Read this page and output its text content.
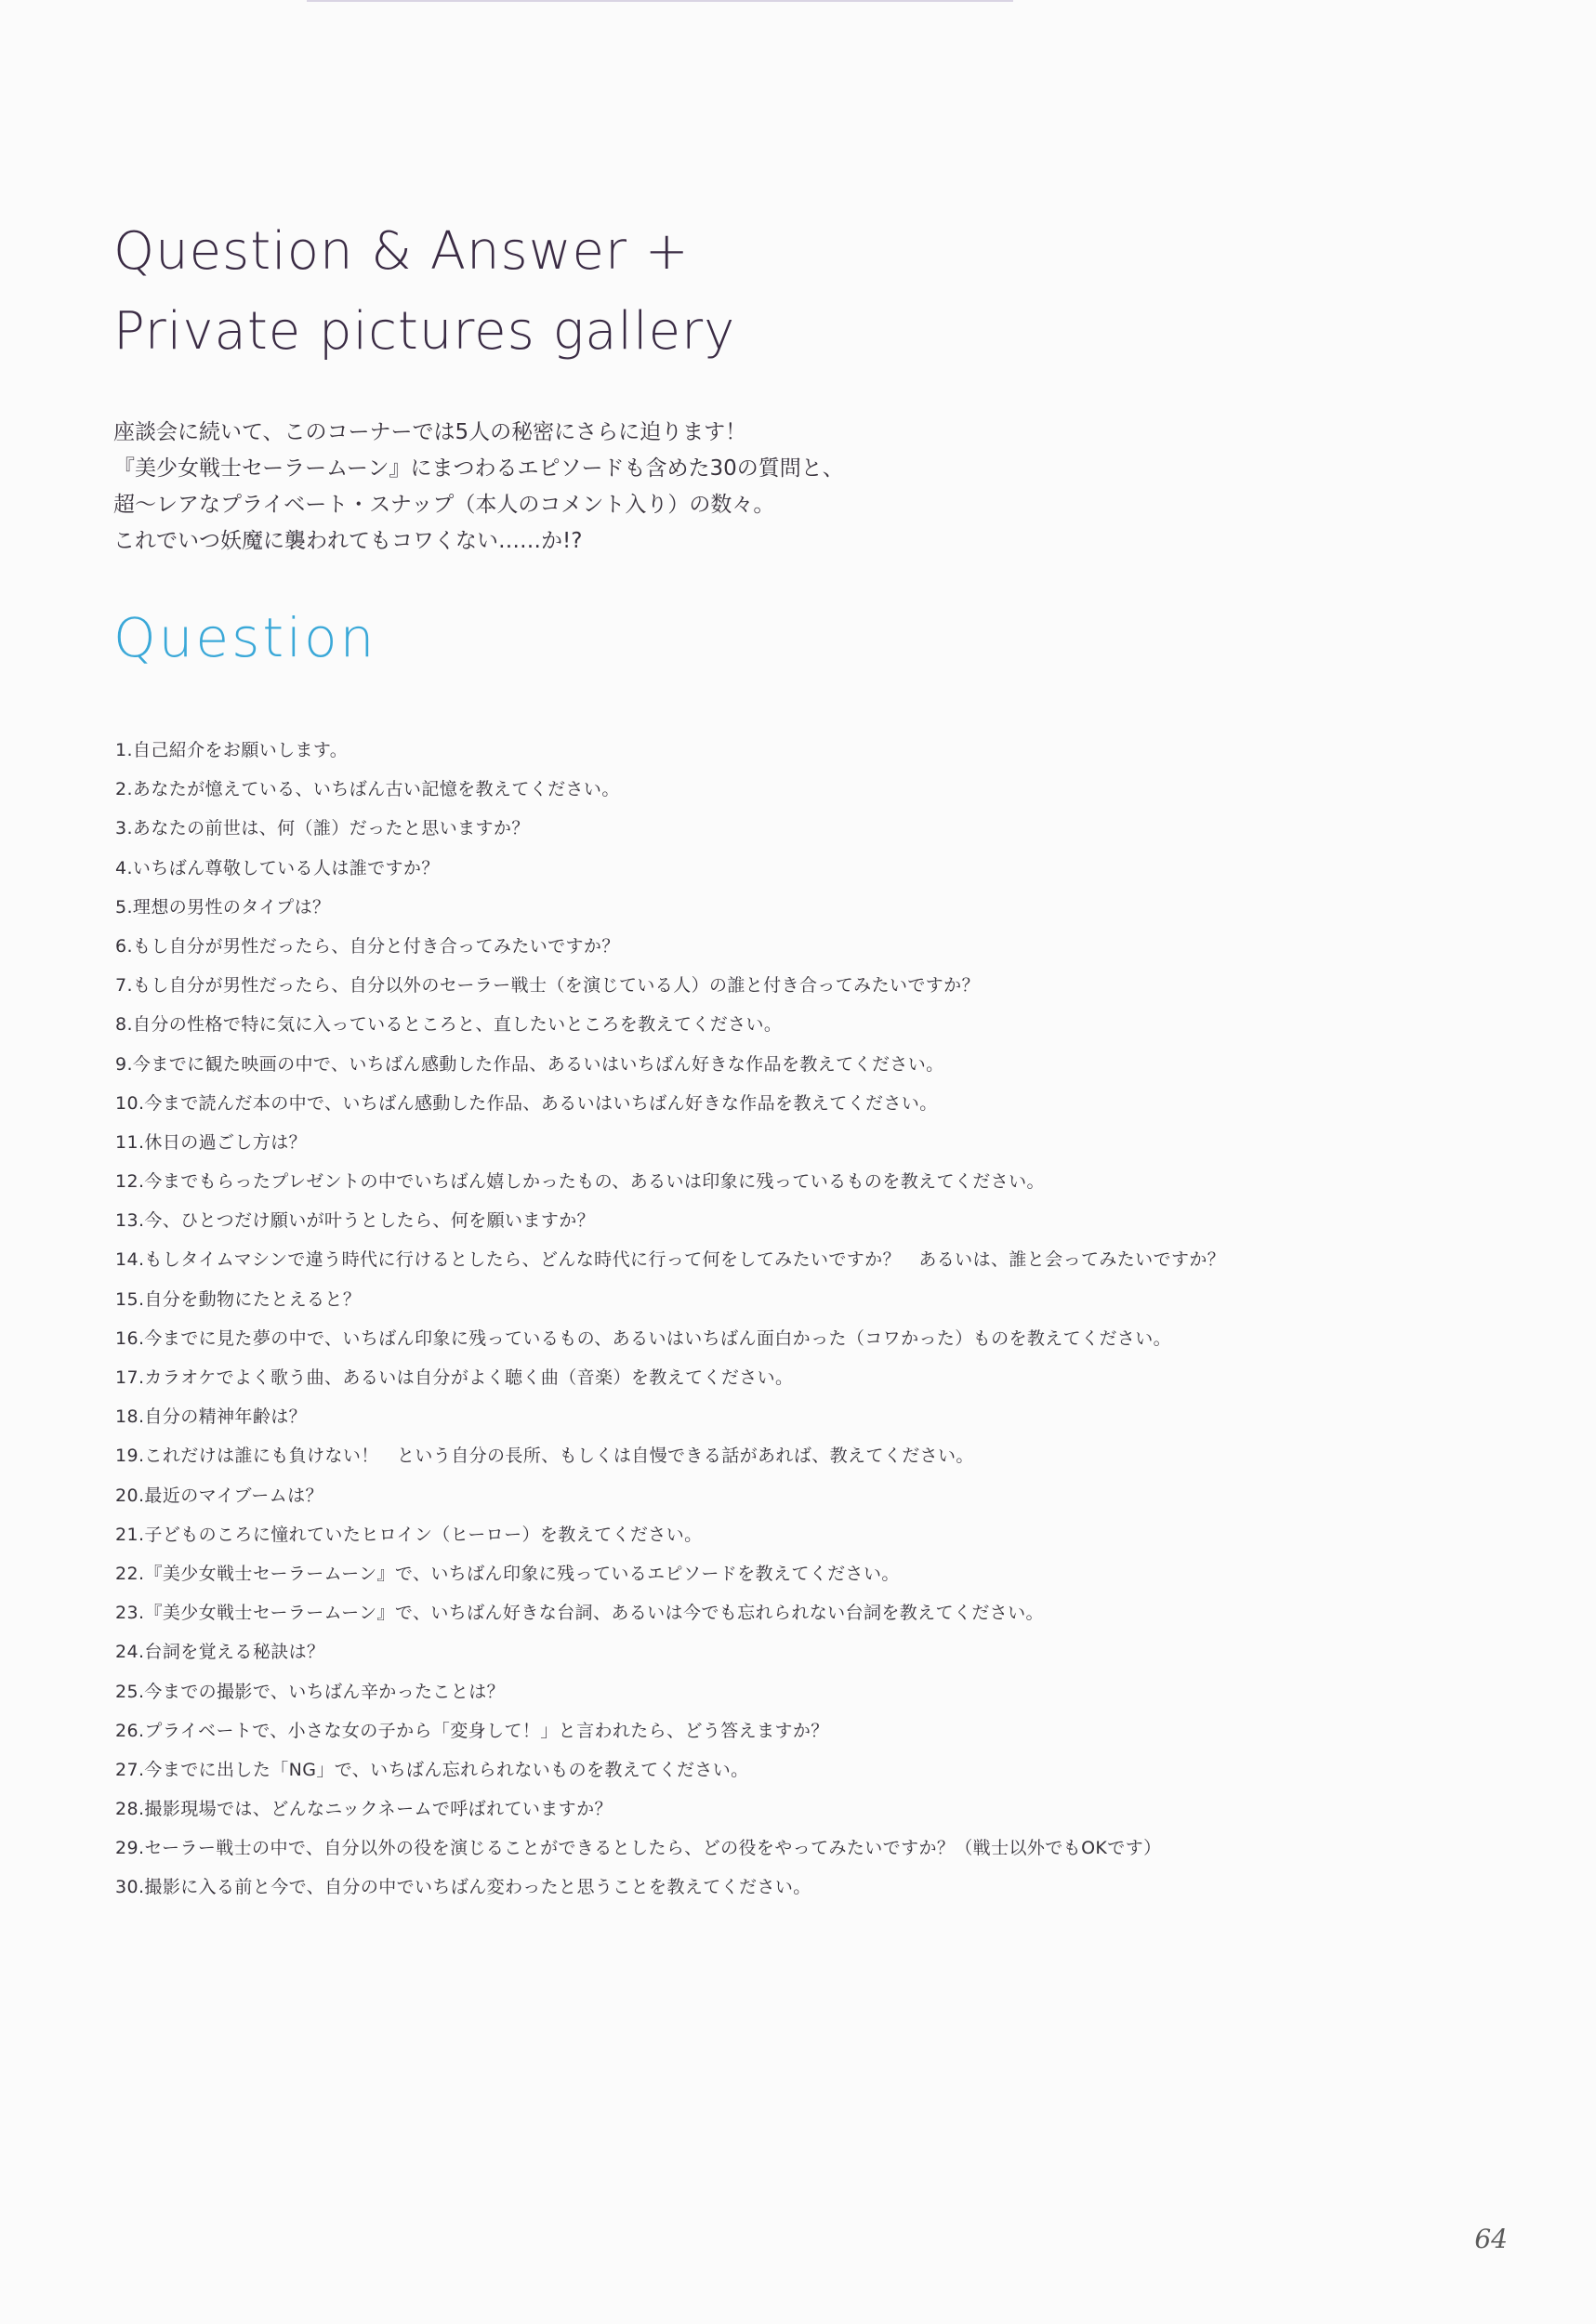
Question & Answer +
Private pictures gallery

座談会に続いて、このコーナーでは5人の秘密にさらに迫ります！
『美少女戦士セーラームーン』にまつわるエピソードも含めた30の質問と、
超～レアなプライベート・スナップ（本人のコメント入り）の数々。
これでいつ妖魔に襲われてもコワくない……か!?

Question
1.自己紹介をお願いします。
2.あなたが憶えている、いちばん古い記憶を教えてください。
3.あなたの前世は、何（誰）だったと思いますか？
4.いちばん尊敬している人は誰ですか？
5.理想の男性のタイプは？
6.もし自分が男性だったら、自分と付き合ってみたいですか？
7.もし自分が男性だったら、自分以外のセーラー戦士（を演じている人）の誰と付き合ってみたいですか？
8.自分の性格で特に気に入っているところと、直したいところを教えてください。
9.今までに観た映画の中で、いちばん感動した作品、あるいはいちばん好きな作品を教えてください。
10.今まで読んだ本の中で、いちばん感動した作品、あるいはいちばん好きな作品を教えてください。
11.休日の過ごし方は？
12.今までもらったプレゼントの中でいちばん嬉しかったもの、あるいは印象に残っているものを教えてください。
13.今、ひとつだけ願いが叶うとしたら、何を願いますか？
14.もしタイムマシンで違う時代に行けるとしたら、どんな時代に行って何をしてみたいですか？　あるいは、誰と会ってみたいですか？
15.自分を動物にたとえると？
16.今までに見た夢の中で、いちばん印象に残っているもの、あるいはいちばん面白かった（コワかった）ものを教えてください。
17.カラオケでよく歌う曲、あるいは自分がよく聴く曲（音楽）を教えてください。
18.自分の精神年齢は？
19.これだけは誰にも負けない！　という自分の長所、もしくは自慢できる話があれば、教えてください。
20.最近のマイブームは？
21.子どものころに憧れていたヒロイン（ヒーロー）を教えてください。
22.『美少女戦士セーラームーン』で、いちばん印象に残っているエピソードを教えてください。
23.『美少女戦士セーラームーン』で、いちばん好きな台詞、あるいは今でも忘れられない台詞を教えてください。
24.台詞を覚える秘訣は？
25.今までの撮影で、いちばん辛かったことは？
26.プライベートで、小さな女の子から「変身して！」と言われたら、どう答えますか？
27.今までに出した「NG」で、いちばん忘れられないものを教えてください。
28.撮影現場では、どんなニックネームで呼ばれていますか？
29.セーラー戦士の中で、自分以外の役を演じることができるとしたら、どの役をやってみたいですか？（戦士以外でもOKです）
30.撮影に入る前と今で、自分の中でいちばん変わったと思うことを教えてください。

64
